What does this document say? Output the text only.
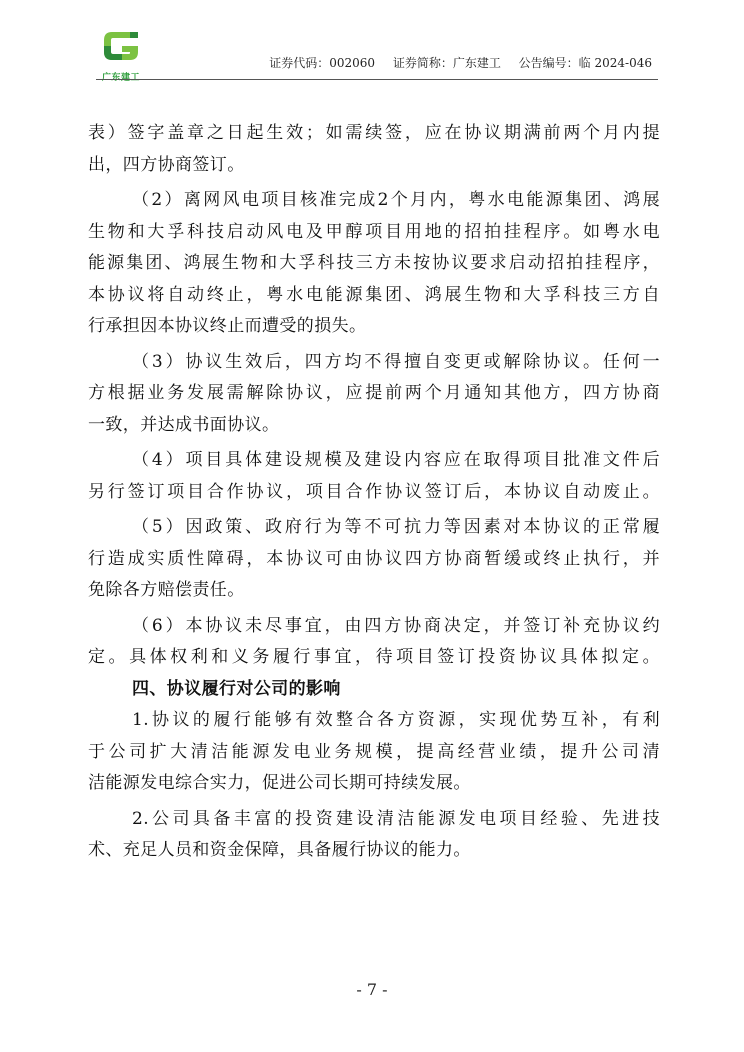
广东建工
证券代码：002060 证券简称：广东建工 公告编号：临 2024-046
表）签字盖章之日起生效；如需续签，应在协议期满前两个月内提
出，四方协商签订。
（2）离网风电项目核准完成2个月内，粤水电能源集团、鸿展
生物和大孚科技启动风电及甲醇项目用地的招拍挂程序。如粤水电
能源集团、鸿展生物和大孚科技三方未按协议要求启动招拍挂程序，
本协议将自动终止，粤水电能源集团、鸿展生物和大孚科技三方自
行承担因本协议终止而遭受的损失。
（3）协议生效后，四方均不得擅自变更或解除协议。任何一
方根据业务发展需解除协议，应提前两个月通知其他方，四方协商
一致，并达成书面协议。
（4）项目具体建设规模及建设内容应在取得项目批准文件后
另行签订项目合作协议，项目合作协议签订后，本协议自动废止。
（5）因政策、政府行为等不可抗力等因素对本协议的正常履
行造成实质性障碍，本协议可由协议四方协商暂缓或终止执行，并
免除各方赔偿责任。
（6）本协议未尽事宜，由四方协商决定，并签订补充协议约
定。具体权利和义务履行事宜，待项目签订投资协议具体拟定。
四、协议履行对公司的影响
1.协议的履行能够有效整合各方资源，实现优势互补，有利
于公司扩大清洁能源发电业务规模，提高经营业绩，提升公司清
洁能源发电综合实力，促进公司长期可持续发展。
2.公司具备丰富的投资建设清洁能源发电项目经验、先进技
术、充足人员和资金保障，具备履行协议的能力。
- 7 -
